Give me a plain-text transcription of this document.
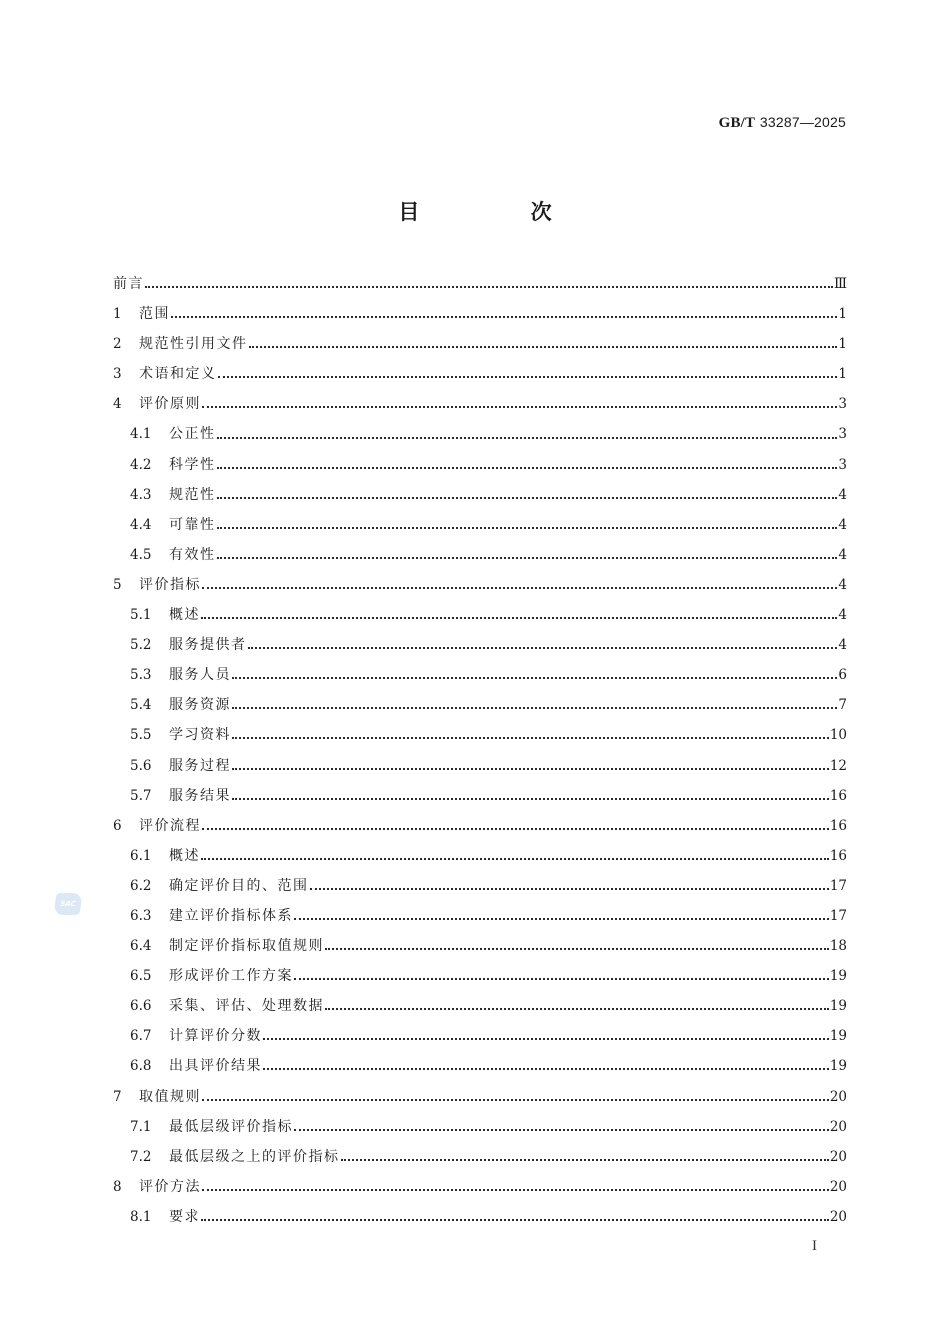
GB/T 33287—2025
目 次
前言	Ⅲ
1	范围	1
2	规范性引用文件	1
3	术语和定义	1
4	评价原则	3
4.1	公正性	3
4.2	科学性	3
4.3	规范性	4
4.4	可靠性	4
4.5	有效性	4
5	评价指标	4
5.1	概述	4
5.2	服务提供者	4
5.3	服务人员	6
5.4	服务资源	7
5.5	学习资料	10
5.6	服务过程	12
5.7	服务结果	16
6	评价流程	16
6.1	概述	16
6.2	确定评价目的、范围	17
6.3	建立评价指标体系	17
6.4	制定评价指标取值规则	18
6.5	形成评价工作方案	19
6.6	采集、评估、处理数据	19
6.7	计算评价分数	19
6.8	出具评价结果	19
7	取值规则	20
7.1	最低层级评价指标	20
7.2	最低层级之上的评价指标	20
8	评价方法	20
8.1	要求	20
SAC
I
